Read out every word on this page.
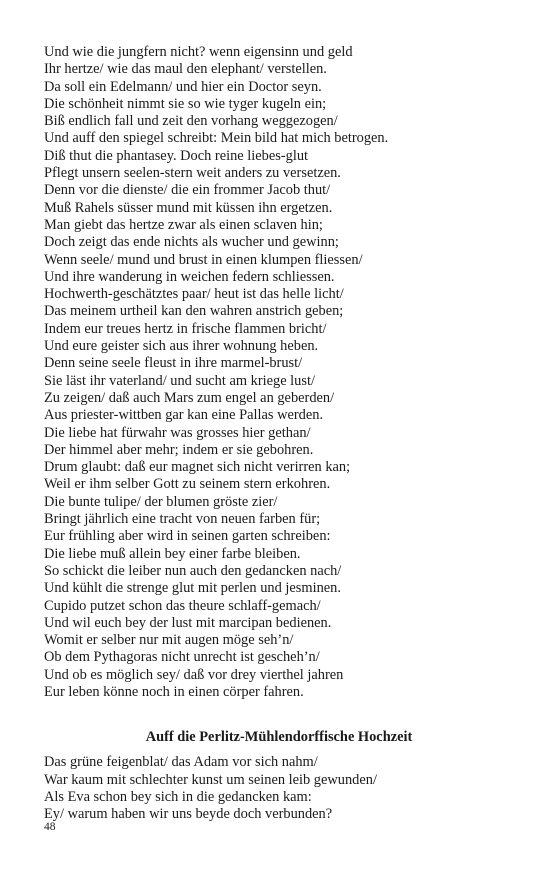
Und wie die jungfern nicht? wenn eigensinn und geld
Ihr hertze/ wie das maul den elephant/ verstellen.
Da soll ein Edelmann/ und hier ein Doctor seyn.
Die schönheit nimmt sie so wie tyger kugeln ein;
Biß endlich fall und zeit den vorhang weggezogen/
Und auff den spiegel schreibt: Mein bild hat mich betrogen.
Diß thut die phantasey. Doch reine liebes-glut
Pflegt unsern seelen-stern weit anders zu versetzen.
Denn vor die dienste/ die ein frommer Jacob thut/
Muß Rahels süsser mund mit küssen ihn ergetzen.
Man giebt das hertze zwar als einen sclaven hin;
Doch zeigt das ende nichts als wucher und gewinn;
Wenn seele/ mund und brust in einen klumpen fliessen/
Und ihre wanderung in weichen federn schliessen.
Hochwerth-geschätztes paar/ heut ist das helle licht/
Das meinem urtheil kan den wahren anstrich geben;
Indem eur treues hertz in frische flammen bricht/
Und eure geister sich aus ihrer wohnung heben.
Denn seine seele fleust in ihre marmel-brust/
Sie läst ihr vaterland/ und sucht am kriege lust/
Zu zeigen/ daß auch Mars zum engel an geberden/
Aus priester-wittben gar kan eine Pallas werden.
Die liebe hat fürwahr was grosses hier gethan/
Der himmel aber mehr; indem er sie gebohren.
Drum glaubt: daß eur magnet sich nicht verirren kan;
Weil er ihm selber Gott zu seinem stern erkohren.
Die bunte tulipe/ der blumen gröste zier/
Bringt jährlich eine tracht von neuen farben für;
Eur frühling aber wird in seinen garten schreiben:
Die liebe muß allein bey einer farbe bleiben.
So schickt die leiber nun auch den gedancken nach/
Und kühlt die strenge glut mit perlen und jesminen.
Cupido putzet schon das theure schlaff-gemach/
Und wil euch bey der lust mit marcipan bedienen.
Womit er selber nur mit augen möge seh’n/
Ob dem Pythagoras nicht unrecht ist gescheh’n/
Und ob es möglich sey/ daß vor drey vierthel jahren
Eur leben könne noch in einen cörper fahren.
Auff die Perlitz-Mühlendorffische Hochzeit
Das grüne feigenblat/ das Adam vor sich nahm/
War kaum mit schlechter kunst um seinen leib gewunden/
Als Eva schon bey sich in die gedancken kam:
Ey/ warum haben wir uns beyde doch verbunden?
48
